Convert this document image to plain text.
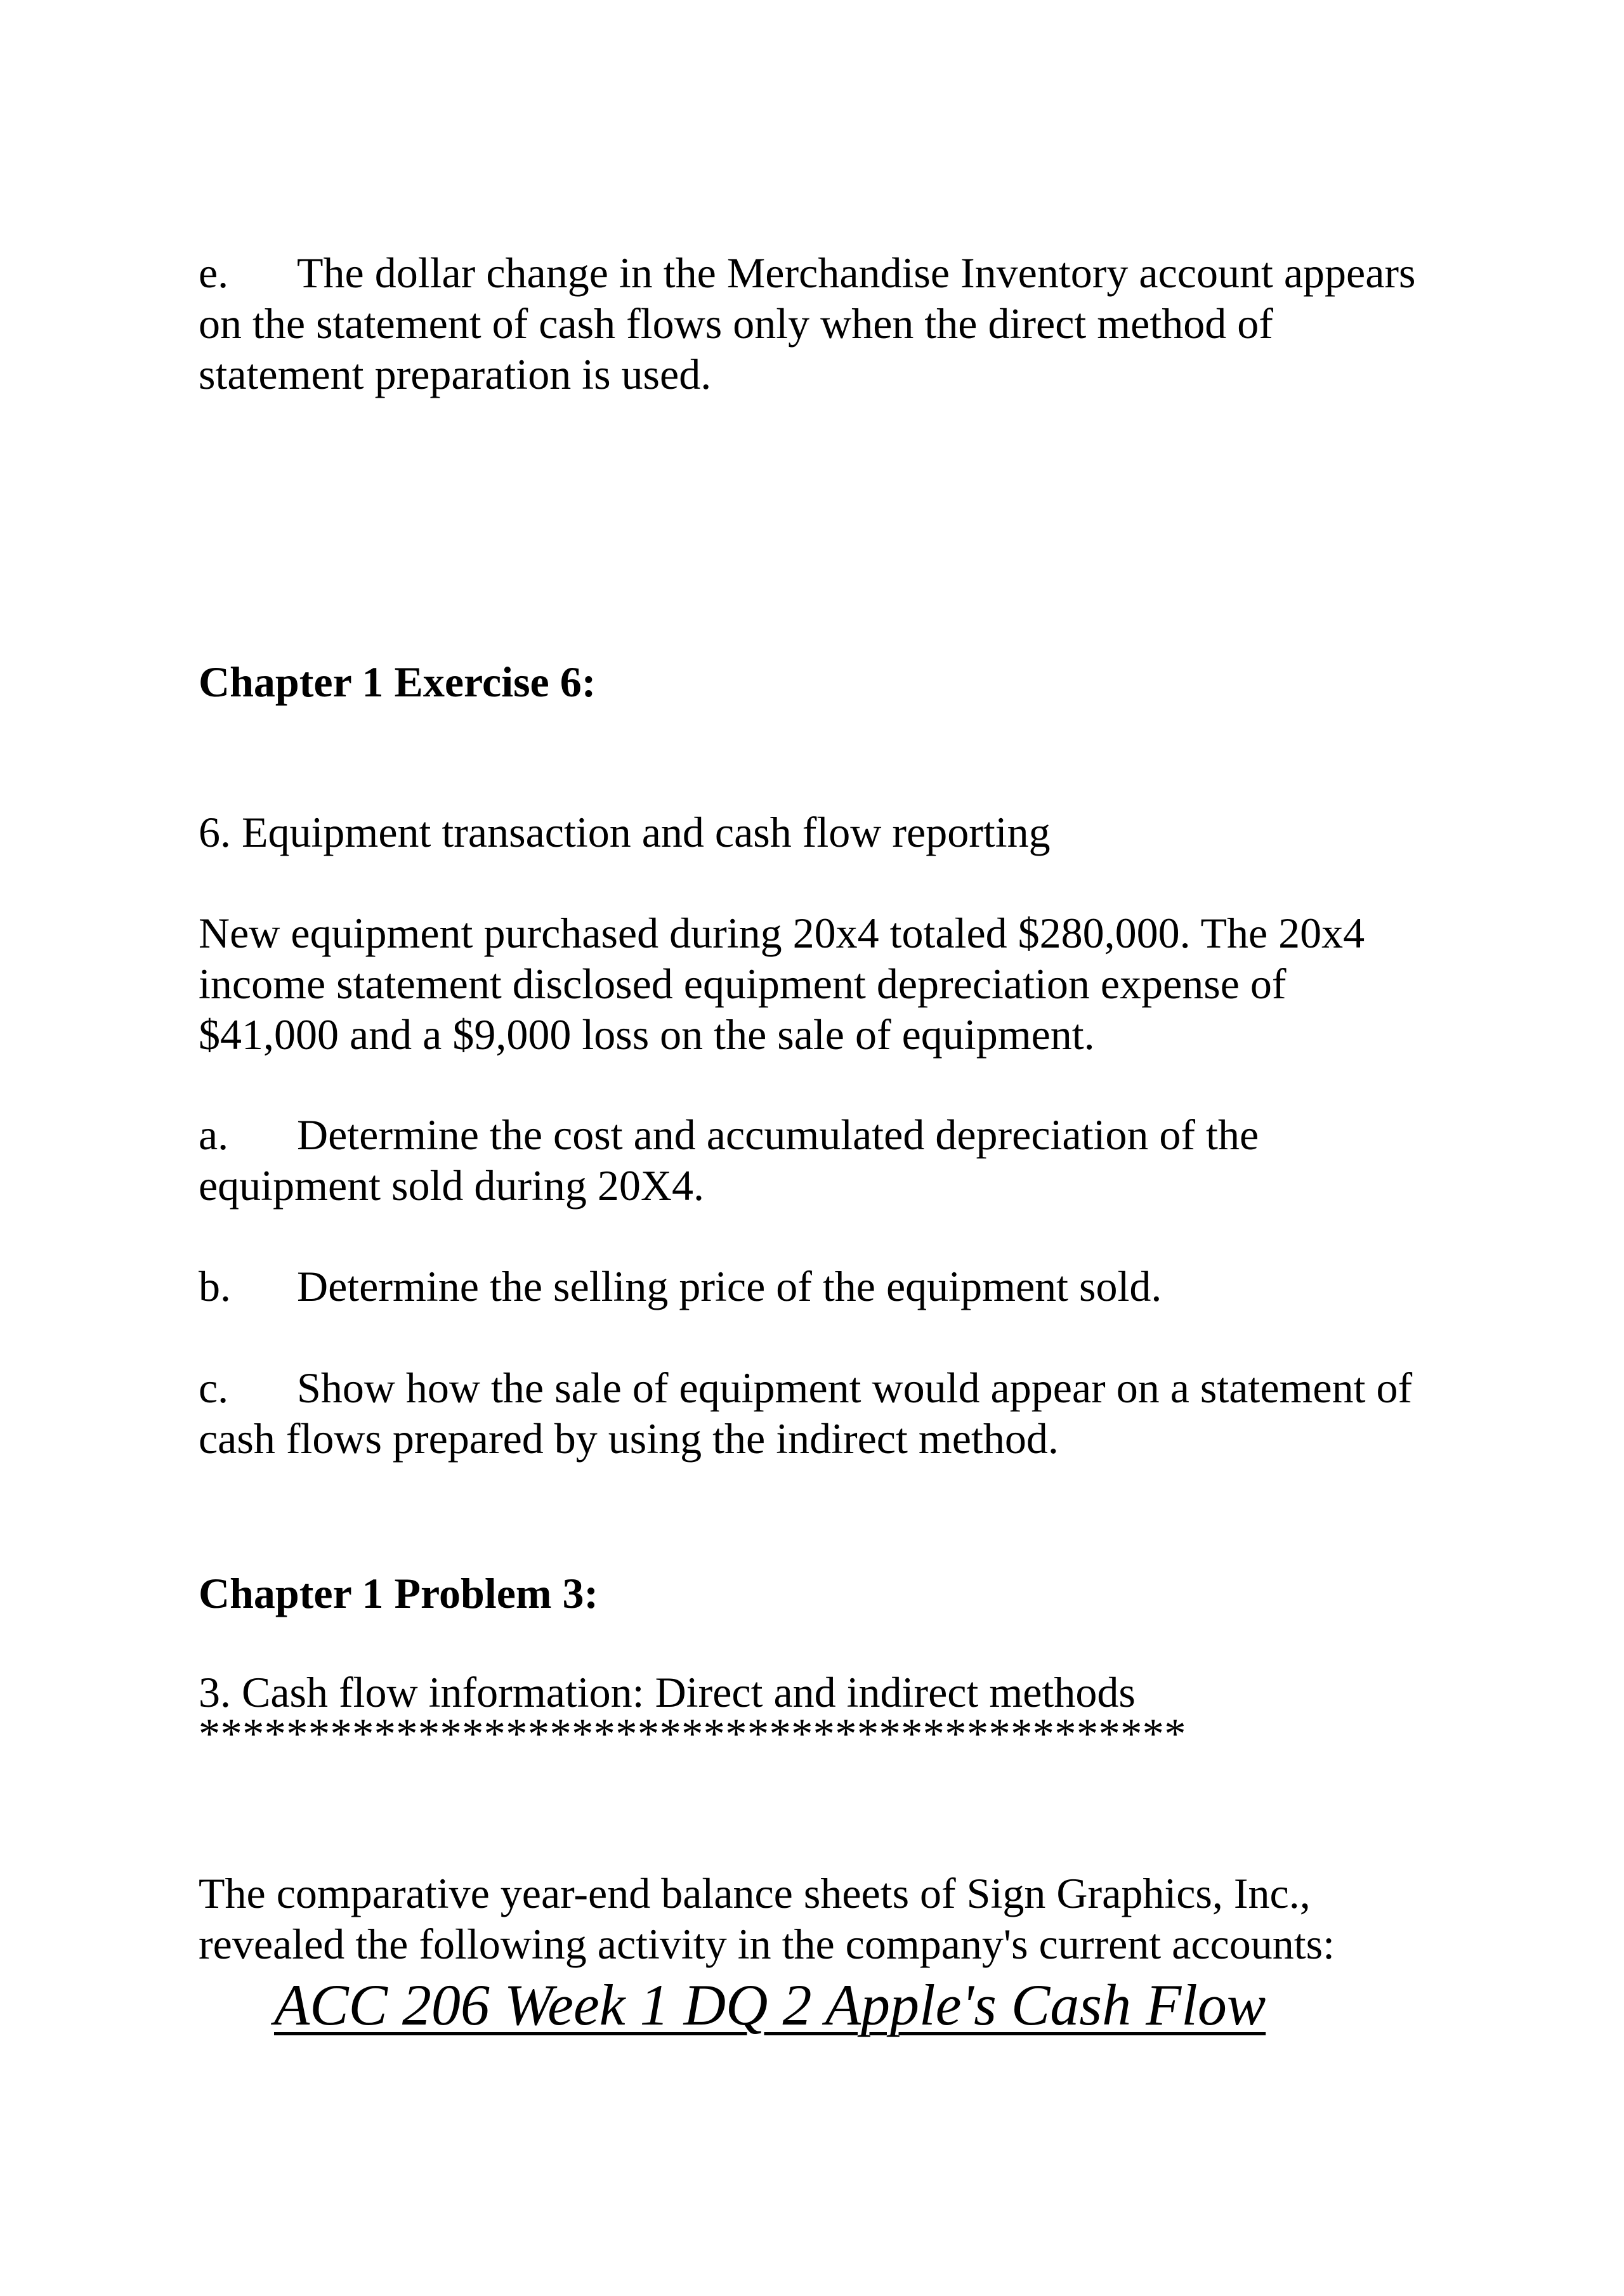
e. The dollar change in the Merchandise Inventory account appears
on the statement of cash flows only when the direct method of
statement preparation is used.
Chapter 1 Exercise 6:
6. Equipment transaction and cash flow reporting
New equipment purchased during 20x4 totaled $280,000. The 20x4
income statement disclosed equipment depreciation expense of
$41,000 and a $9,000 loss on the sale of equipment.
a. Determine the cost and accumulated depreciation of the
equipment sold during 20X4.
b. Determine the selling price of the equipment sold.
c. Show how the sale of equipment would appear on a statement of
cash flows prepared by using the indirect method.
Chapter 1 Problem 3:
3. Cash flow information: Direct and indirect methods
*********************************************
The comparative year-end balance sheets of Sign Graphics, Inc.,
revealed the following activity in the company's current accounts:
ACC 206 Week 1 DQ 2 Apple's Cash Flow
